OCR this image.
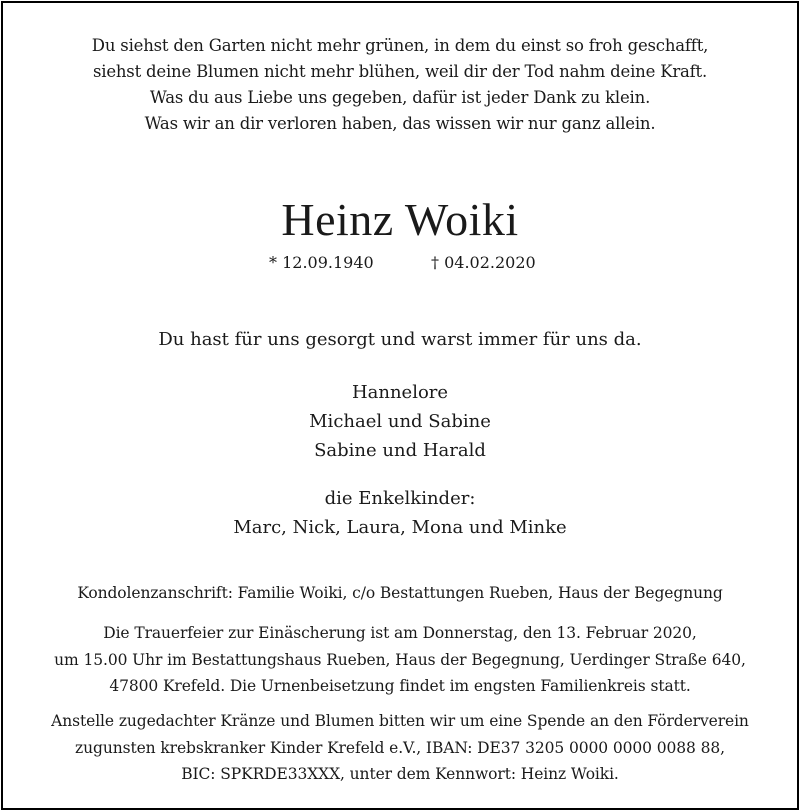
Du siehst den Garten nicht mehr grünen, in dem du einst so froh geschafft,
siehst deine Blumen nicht mehr blühen, weil dir der Tod nahm deine Kraft.
Was du aus Liebe uns gegeben, dafür ist jeder Dank zu klein.
Was wir an dir verloren haben, das wissen wir nur ganz allein.
Heinz Woiki
* 12.09.1940	† 04.02.2020
Du hast für uns gesorgt und warst immer für uns da.
Hannelore
Michael und Sabine
Sabine und Harald
die Enkelkinder:
Marc, Nick, Laura, Mona und Minke
Kondolenzanschrift: Familie Woiki, c/o Bestattungen Rueben, Haus der Begegnung
Die Trauerfeier zur Einäscherung ist am Donnerstag, den 13. Februar 2020,
um 15.00 Uhr im Bestattungshaus Rueben, Haus der Begegnung, Uerdinger Straße 640,
47800 Krefeld. Die Urnenbeisetzung findet im engsten Familienkreis statt.
Anstelle zugedachter Kränze und Blumen bitten wir um eine Spende an den Förderverein
zugunsten krebskranker Kinder Krefeld e.V., IBAN: DE37 3205 0000 0000 0088 88,
BIC: SPKRDE33XXX, unter dem Kennwort: Heinz Woiki.
